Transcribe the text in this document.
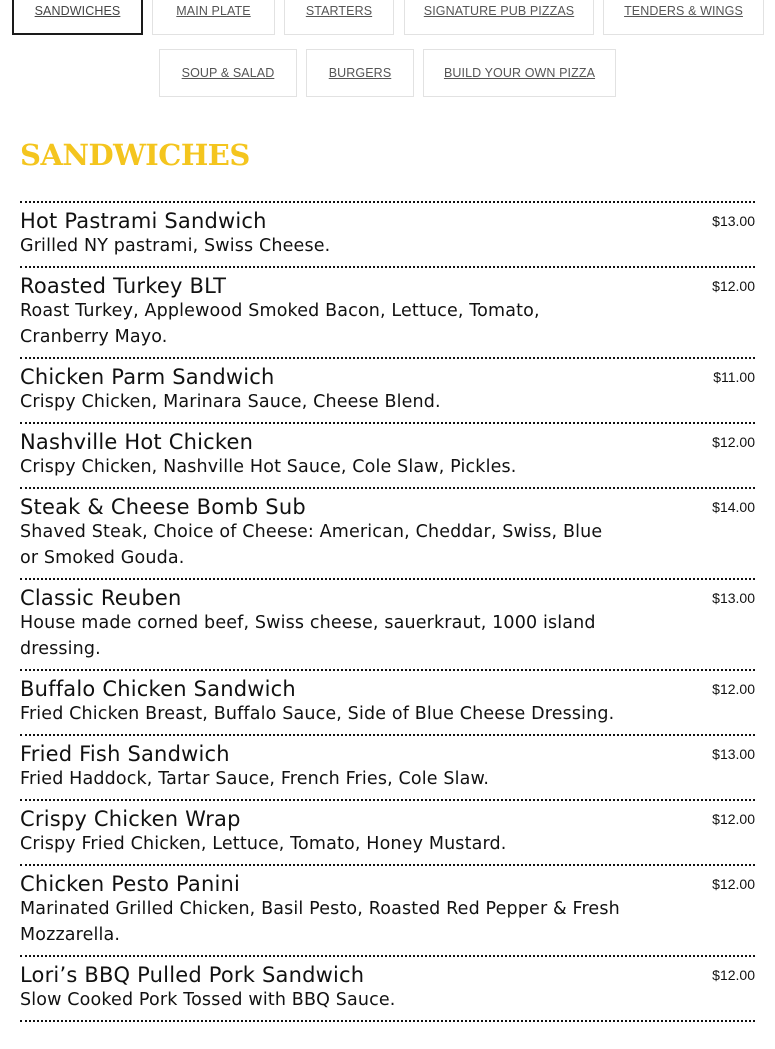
SANDWICHES	MAIN PLATE	STARTERS	SIGNATURE PUB PIZZAS	TENDERS & WINGS
SOUP & SALAD	BURGERS	BUILD YOUR OWN PIZZA
SANDWICHES
Hot Pastrami Sandwich
Grilled NY pastrami, Swiss Cheese.
$13.00
Roasted Turkey BLT
Roast Turkey, Applewood Smoked Bacon, Lettuce, Tomato, Cranberry Mayo.
$12.00
Chicken Parm Sandwich
Crispy Chicken, Marinara Sauce, Cheese Blend.
$11.00
Nashville Hot Chicken
Crispy Chicken, Nashville Hot Sauce, Cole Slaw, Pickles.
$12.00
Steak & Cheese Bomb Sub
Shaved Steak, Choice of Cheese: American, Cheddar, Swiss, Blue or Smoked Gouda.
$14.00
Classic Reuben
House made corned beef, Swiss cheese, sauerkraut, 1000 island dressing.
$13.00
Buffalo Chicken Sandwich
Fried Chicken Breast, Buffalo Sauce, Side of Blue Cheese Dressing.
$12.00
Fried Fish Sandwich
Fried Haddock, Tartar Sauce, French Fries, Cole Slaw.
$13.00
Crispy Chicken Wrap
Crispy Fried Chicken, Lettuce, Tomato, Honey Mustard.
$12.00
Chicken Pesto Panini
Marinated Grilled Chicken, Basil Pesto, Roasted Red Pepper & Fresh Mozzarella.
$12.00
Lori’s BBQ Pulled Pork Sandwich
Slow Cooked Pork Tossed with BBQ Sauce.
$12.00
